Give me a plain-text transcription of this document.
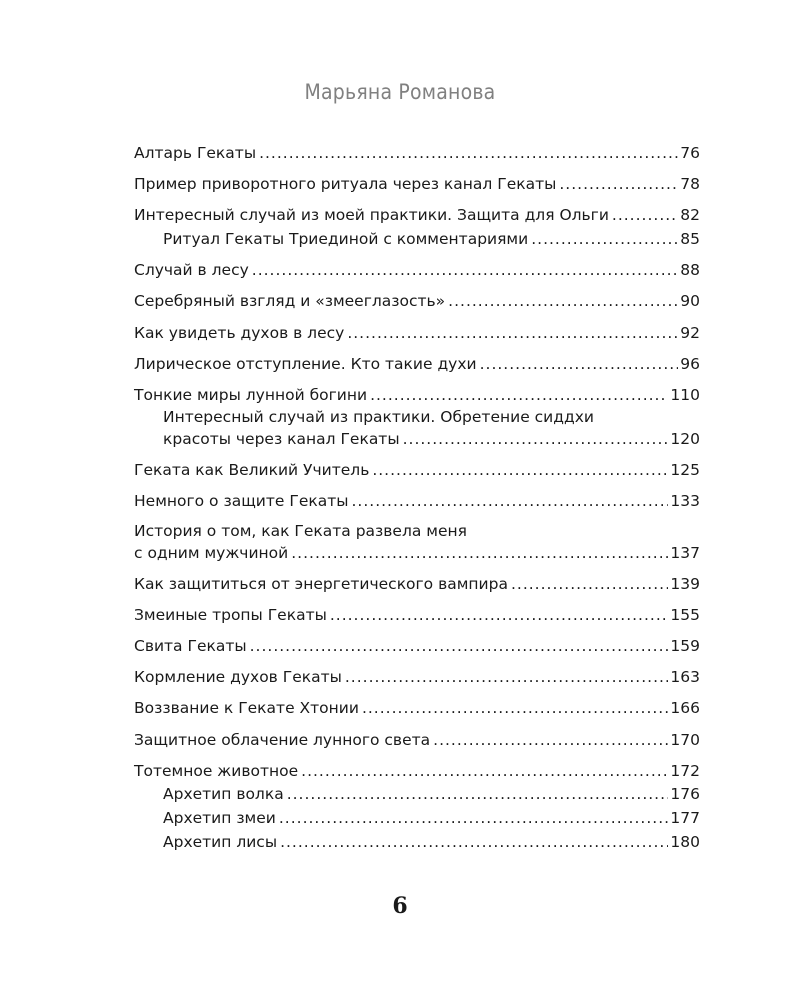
Марьяна Романова
Алтарь Гекаты .....	76
Пример приворотного ритуала через канал Гекаты .....	78
Интересный случай из моей практики. Защита для Ольги .....	82
Ритуал Гекаты Триединой с комментариями .....	85
Случай в лесу .....	88
Серебряный взгляд и «змееглазость» .....	90
Как увидеть духов в лесу .....	92
Лирическое отступление. Кто такие духи .....	96
Тонкие миры лунной богини .....	110
Интересный случай из практики. Обретение сиддхи
красоты через канал Гекаты .....	120
Геката как Великий Учитель .....	125
Немного о защите Гекаты .....	133
История о том, как Геката развела меня
с одним мужчиной .....	137
Как защититься от энергетического вампира .....	139
Змеиные тропы Гекаты .....	155
Свита Гекаты .....	159
Кормление духов Гекаты .....	163
Воззвание к Гекате Хтонии .....	166
Защитное облачение лунного света .....	170
Тотемное животное .....	172
Архетип волка .....	176
Архетип змеи .....	177
Архетип лисы .....	180
6
